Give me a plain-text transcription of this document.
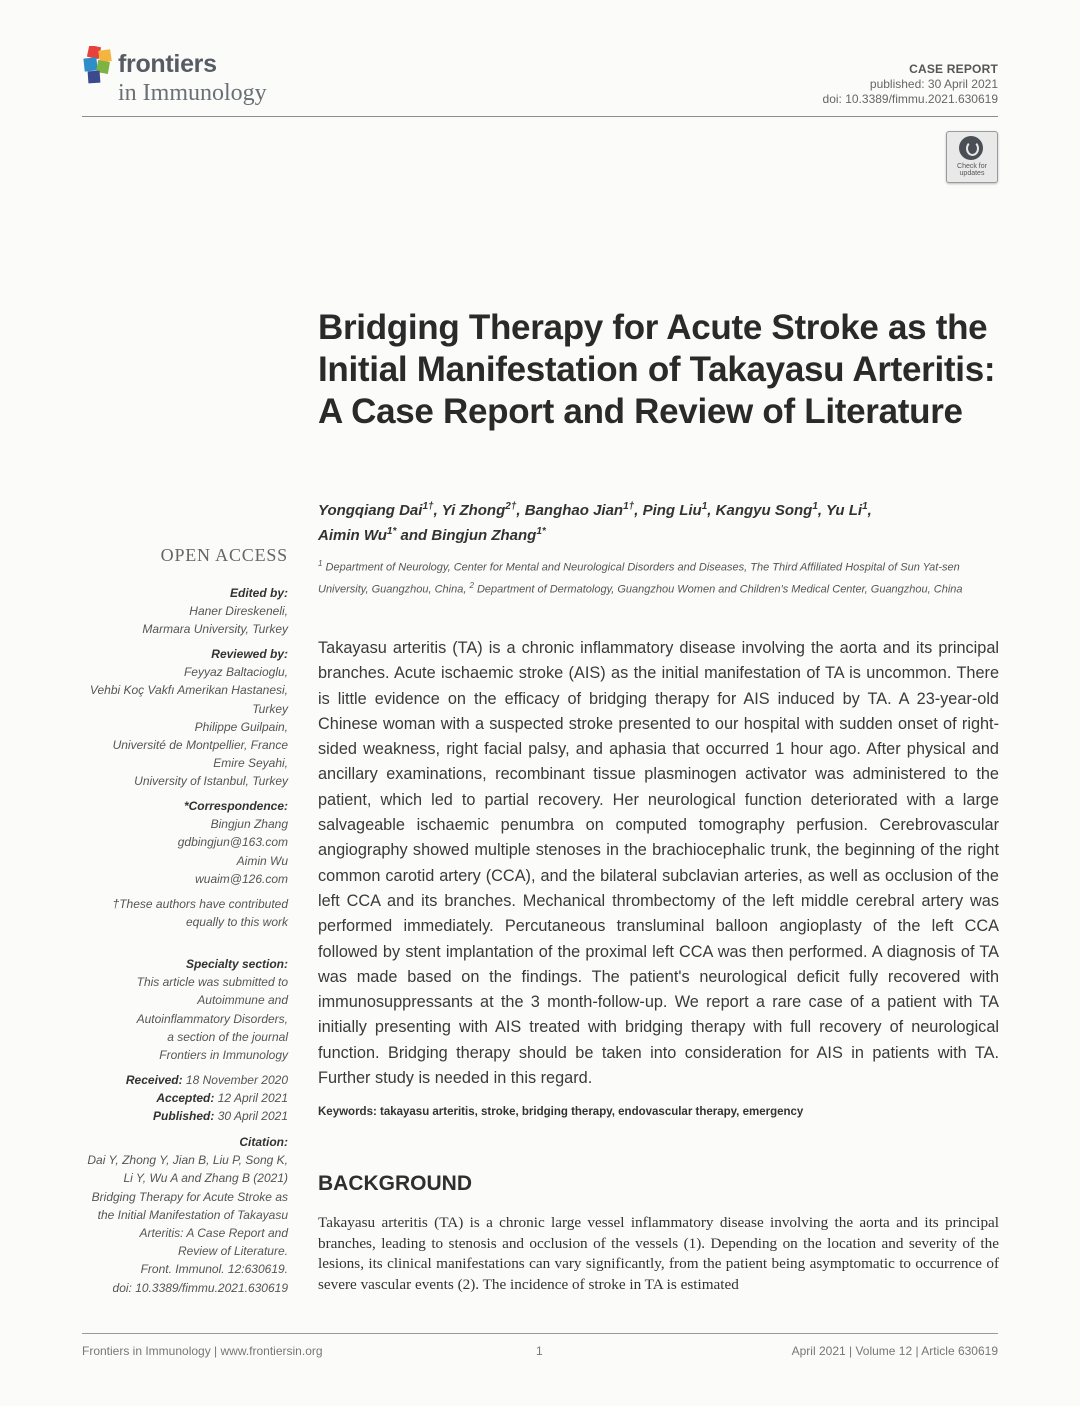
frontiers
in Immunology
CASE REPORT
published: 30 April 2021
doi: 10.3389/fimmu.2021.630619
Check for
updates
Bridging Therapy for Acute Stroke as the Initial Manifestation of Takayasu Arteritis: A Case Report and Review of Literature
Yongqiang Dai$^{1\dagger}$, Yi Zhong$^{2\dagger}$, Banghao Jian$^{1\dagger}$, Ping Liu$^1$, Kangyu Song$^1$, Yu Li$^1$,
Aimin $Wu^{1*}$ and Bingjun Zhang$^{1*}$
$^1$ Department of Neurology, Center for Mental and Neurological Disorders and Diseases, The Third Affiliated Hospital of Sun Yat-sen University, Guangzhou, China, $^2$ Department of Dermatology, Guangzhou Women and Children's Medical Center, Guangzhou, China
Takayasu arteritis (TA) is a chronic inflammatory disease involving the aorta and its principal branches. Acute ischaemic stroke (AIS) as the initial manifestation of TA is uncommon. There is little evidence on the efficacy of bridging therapy for AIS induced by TA. A 23-year-old Chinese woman with a suspected stroke presented to our hospital with sudden onset of right-sided weakness, right facial palsy, and aphasia that occurred 1 hour ago. After physical and ancillary examinations, recombinant tissue plasminogen activator was administered to the patient, which led to partial recovery. Her neurological function deteriorated with a large salvageable ischaemic penumbra on computed tomography perfusion. Cerebrovascular angiography showed multiple stenoses in the brachiocephalic trunk, the beginning of the right common carotid artery (CCA), and the bilateral subclavian arteries, as well as occlusion of the left CCA and its branches. Mechanical thrombectomy of the left middle cerebral artery was performed immediately. Percutaneous transluminal balloon angioplasty of the left CCA followed by stent implantation of the proximal left CCA was then performed. A diagnosis of TA was made based on the findings. The patient's neurological deficit fully recovered with immunosuppressants at the 3 month-follow-up. We report a rare case of a patient with TA initially presenting with AIS treated with bridging therapy with full recovery of neurological function. Bridging therapy should be taken into consideration for AIS in patients with TA. Further study is needed in this regard.
Keywords: takayasu arteritis, stroke, bridging therapy, endovascular therapy, emergency
BACKGROUND
Takayasu arteritis (TA) is a chronic large vessel inflammatory disease involving the aorta and its principal branches, leading to stenosis and occlusion of the vessels (1). Depending on the location and severity of the lesions, its clinical manifestations can vary significantly, from the patient being asymptomatic to occurrence of severe vascular events (2). The incidence of stroke in TA is estimated
OPEN ACCESS
Edited by:
Haner Direskeneli,
Marmara University, Turkey
Reviewed by:
Feyyaz Baltacioglu,
Vehbi Koç Vakfı Amerikan Hastanesi,
Turkey
Philippe Guilpain,
Université de Montpellier, France
Emire Seyahi,
University of Istanbul, Turkey
*Correspondence:
Bingjun Zhang
gdbingjun@163.com
Aimin Wu
wuaim@126.com
†These authors have contributed
equally to this work
Specialty section:
This article was submitted to
Autoimmune and
Autoinflammatory Disorders,
a section of the journal
Frontiers in Immunology
Received: 18 November 2020
Accepted: 12 April 2021
Published: 30 April 2021
Citation:
Dai Y, Zhong Y, Jian B, Liu P, Song K,
Li Y, Wu A and Zhang B (2021)
Bridging Therapy for Acute Stroke as
the Initial Manifestation of Takayasu
Arteritis: A Case Report and
Review of Literature.
Front. Immunol. 12:630619.
doi: 10.3389/fimmu.2021.630619
Frontiers in Immunology | www.frontiersin.org	1	April 2021 | Volume 12 | Article 630619
